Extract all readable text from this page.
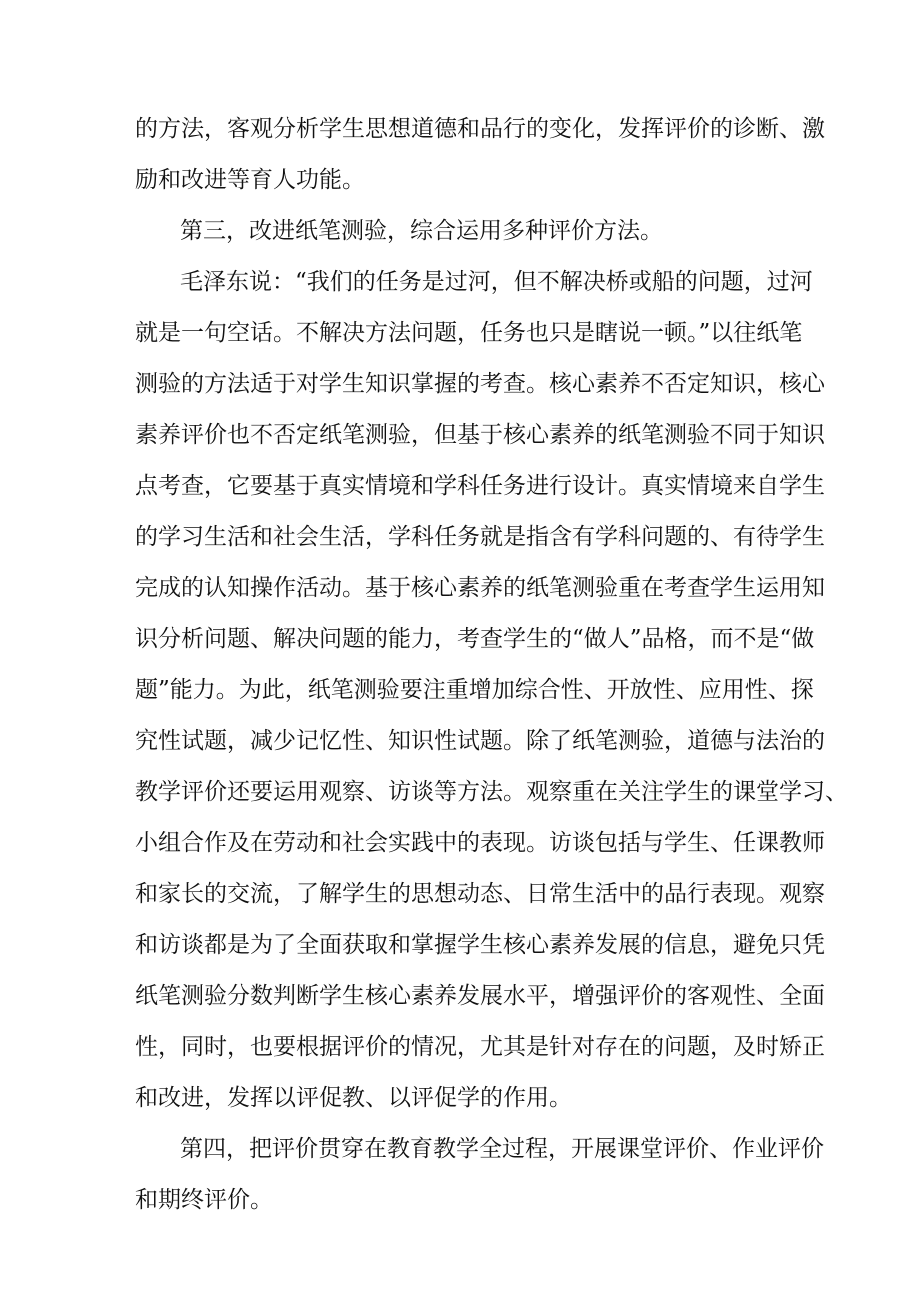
的方法，客观分析学生思想道德和品行的变化，发挥评价的诊断、激
励和改进等育人功能。
第三，改进纸笔测验，综合运用多种评价方法。
毛泽东说：“我们的任务是过河，但不解决桥或船的问题，过河
就是一句空话。不解决方法问题，任务也只是瞎说一顿。”以往纸笔
测验的方法适于对学生知识掌握的考查。核心素养不否定知识，核心
素养评价也不否定纸笔测验，但基于核心素养的纸笔测验不同于知识
点考查，它要基于真实情境和学科任务进行设计。真实情境来自学生
的学习生活和社会生活，学科任务就是指含有学科问题的、有待学生
完成的认知操作活动。基于核心素养的纸笔测验重在考查学生运用知
识分析问题、解决问题的能力，考查学生的“做人”品格，而不是“做
题”能力。为此，纸笔测验要注重增加综合性、开放性、应用性、探
究性试题，减少记忆性、知识性试题。除了纸笔测验，道德与法治的
教学评价还要运用观察、访谈等方法。观察重在关注学生的课堂学习、
小组合作及在劳动和社会实践中的表现。访谈包括与学生、任课教师
和家长的交流，了解学生的思想动态、日常生活中的品行表现。观察
和访谈都是为了全面获取和掌握学生核心素养发展的信息，避免只凭
纸笔测验分数判断学生核心素养发展水平，增强评价的客观性、全面
性，同时，也要根据评价的情况，尤其是针对存在的问题，及时矫正
和改进，发挥以评促教、以评促学的作用。
第四，把评价贯穿在教育教学全过程，开展课堂评价、作业评价
和期终评价。
